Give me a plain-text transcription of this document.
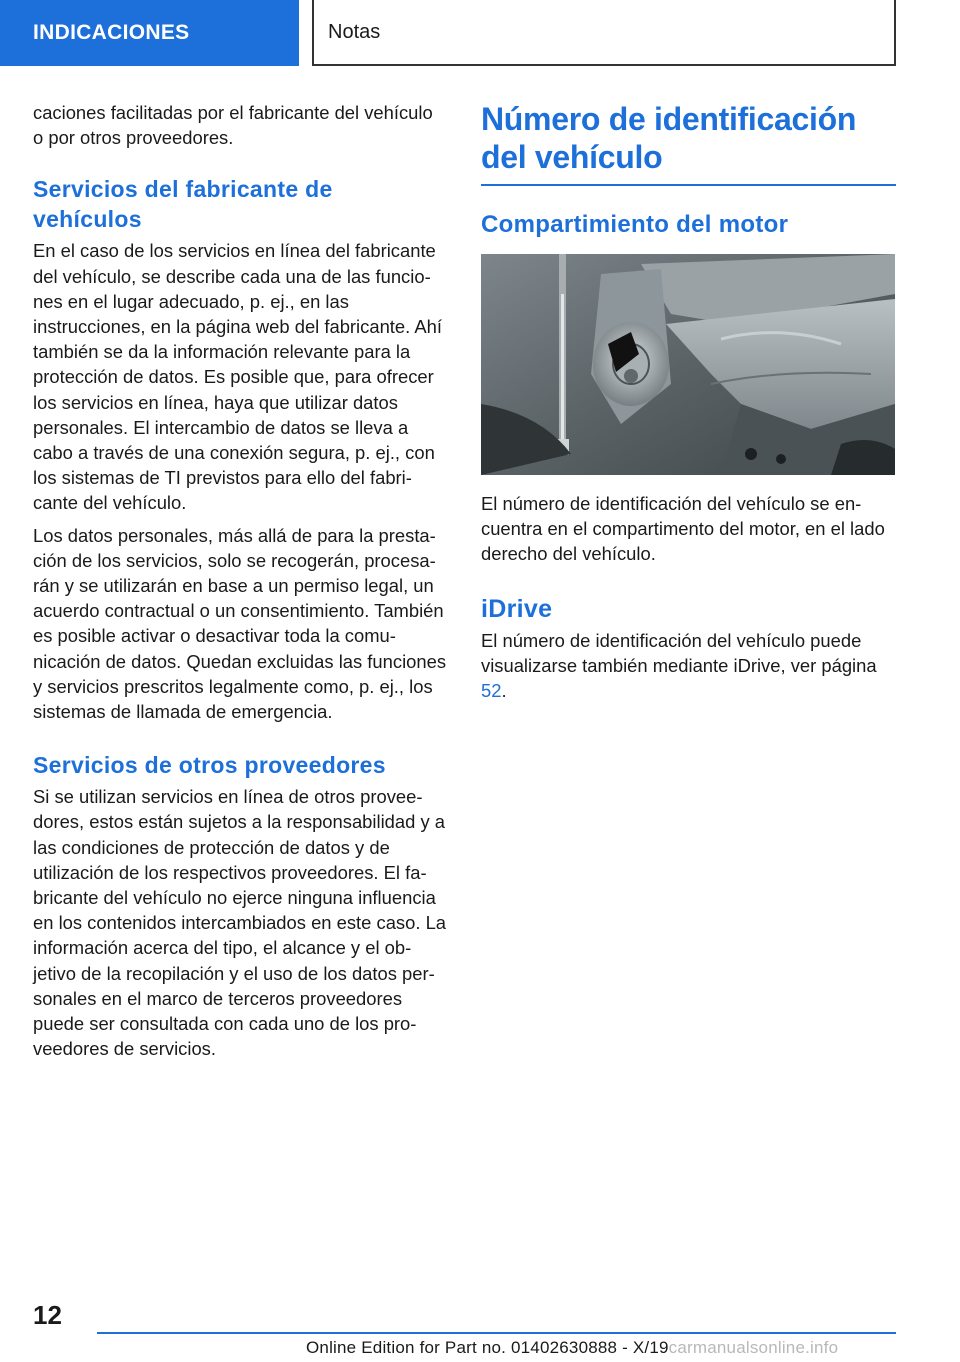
INDICACIONES	Notas

caciones facilitadas por el fabricante del vehículo o por otros proveedores.

Servicios del fabricante de vehículos

En el caso de los servicios en línea del fabricante del vehículo, se describe cada una de las funciones en el lugar adecuado, p. ej., en las instrucciones, en la página web del fabricante. Ahí también se da la información relevante para la protección de datos. Es posible que, para ofrecer los servicios en línea, haya que utilizar datos personales. El intercambio de datos se lleva a cabo a través de una conexión segura, p. ej., con los sistemas de TI previstos para ello del fabricante del vehículo.

Los datos personales, más allá de para la prestación de los servicios, solo se recogerán, procesarán y se utilizarán en base a un permiso legal, un acuerdo contractual o un consentimiento. También es posible activar o desactivar toda la comunicación de datos. Quedan excluidas las funciones y servicios prescritos legalmente como, p. ej., los sistemas de llamada de emergencia.

Servicios de otros proveedores

Si se utilizan servicios en línea de otros proveedores, estos están sujetos a la responsabilidad y a las condiciones de protección de datos y de utilización de los respectivos proveedores. El fabricante del vehículo no ejerce ninguna influencia en los contenidos intercambiados en este caso. La información acerca del tipo, el alcance y el objetivo de la recopilación y el uso de los datos personales en el marco de terceros proveedores puede ser consultada con cada uno de los proveedores de servicios.

Número de identificación del vehículo
Compartimiento del motor

El número de identificación del vehículo se encuentra en el compartimento del motor, en el lado derecho del vehículo.

iDrive

El número de identificación del vehículo puede visualizarse también mediante iDrive, ver página 52.

12
Online Edition for Part no. 01402630888 - X/19carmanualsonline.info
